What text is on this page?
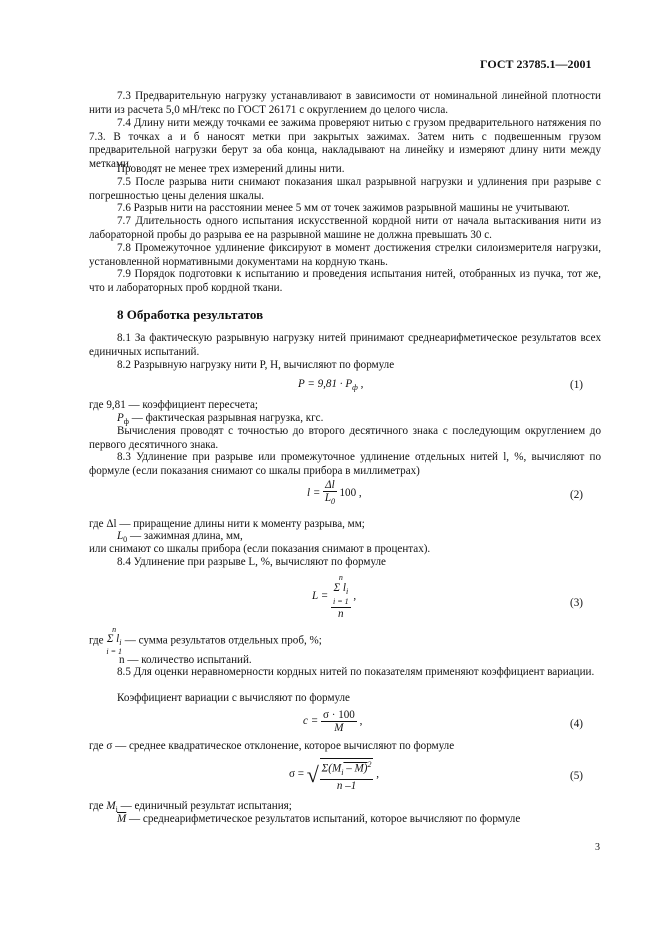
ГОСТ 23785.1—2001
7.3 Предварительную нагрузку устанавливают в зависимости от номинальной линейной плотности нити из расчета 5,0 мН/текс по ГОСТ 26171 с округлением до целого числа.
7.4 Длину нити между точками ее зажима проверяют нитью с грузом предварительного натяжения по 7.3. В точках а и б наносят метки при закрытых зажимах. Затем нить с подвешенным грузом предварительной нагрузки берут за оба конца, накладывают на линейку и измеряют длину нити между метками.
Проводят не менее трех измерений длины нити.
7.5 После разрыва нити снимают показания шкал разрывной нагрузки и удлинения при разрыве с погрешностью цены деления шкалы.
7.6 Разрыв нити на расстоянии менее 5 мм от точек зажимов разрывной машины не учитывают.
7.7 Длительность одного испытания искусственной кордной нити от начала вытаскивания нити из лабораторной пробы до разрыва ее на разрывной машине не должна превышать 30 с.
7.8 Промежуточное удлинение фиксируют в момент достижения стрелки силоизмерителя нагрузки, установленной нормативными документами на кордную ткань.
7.9 Порядок подготовки к испытанию и проведения испытания нитей, отобранных из пучка, тот же, что и лабораторных проб кордной ткани.
8 Обработка результатов
8.1 За фактическую разрывную нагрузку нитей принимают среднеарифметическое результатов всех единичных испытаний.
8.2 Разрывную нагрузку нити P, Н, вычисляют по формуле
$P = 9,81 \cdot P_ф$ ,	(1)
где 9,81 — коэффициент пересчета;
$P_ф$ — фактическая разрывная нагрузка, кгс.
Вычисления проводят с точностью до второго десятичного знака с последующим округлением до первого десятичного знака.
8.3 Удлинение при разрыве или промежуточное удлинение отдельных нитей l, %, вычисляют по формуле (если показания снимают со шкалы прибора в миллиметрах)
$l = \frac{\Delta l}{L_0} 100$ ,	(2)
где Δl — приращение длины нити к моменту разрыва, мм;
$L_0$ — зажимная длина, мм,
или снимают со шкалы прибора (если показания снимают в процентах).
8.4 Удлинение при разрыве L, %, вычисляют по формуле
L = n
Σ $l_i$
i = 1
n ,
(3)
где
n
Σ $l_i$
i = 1
— сумма результатов отдельных проб, %;
n — количество испытаний.
8.5 Для оценки неравномерности кордных нитей по показателям применяют коэффициент вариации.
Коэффициент вариации c вычисляют по формуле
$c = \frac{\sigma \cdot 100}{M}$ ,	(4)
где σ — среднее квадратическое отклонение, которое вычисляют по формуле
σ = √ $\frac{\Sigma(M_i - M)^2}{n -1}$ ,	(5)
где $M_i$ — единичный результат испытания;
$\overline{M}$ — среднеарифметическое результатов испытаний, которое вычисляют по формуле
3
